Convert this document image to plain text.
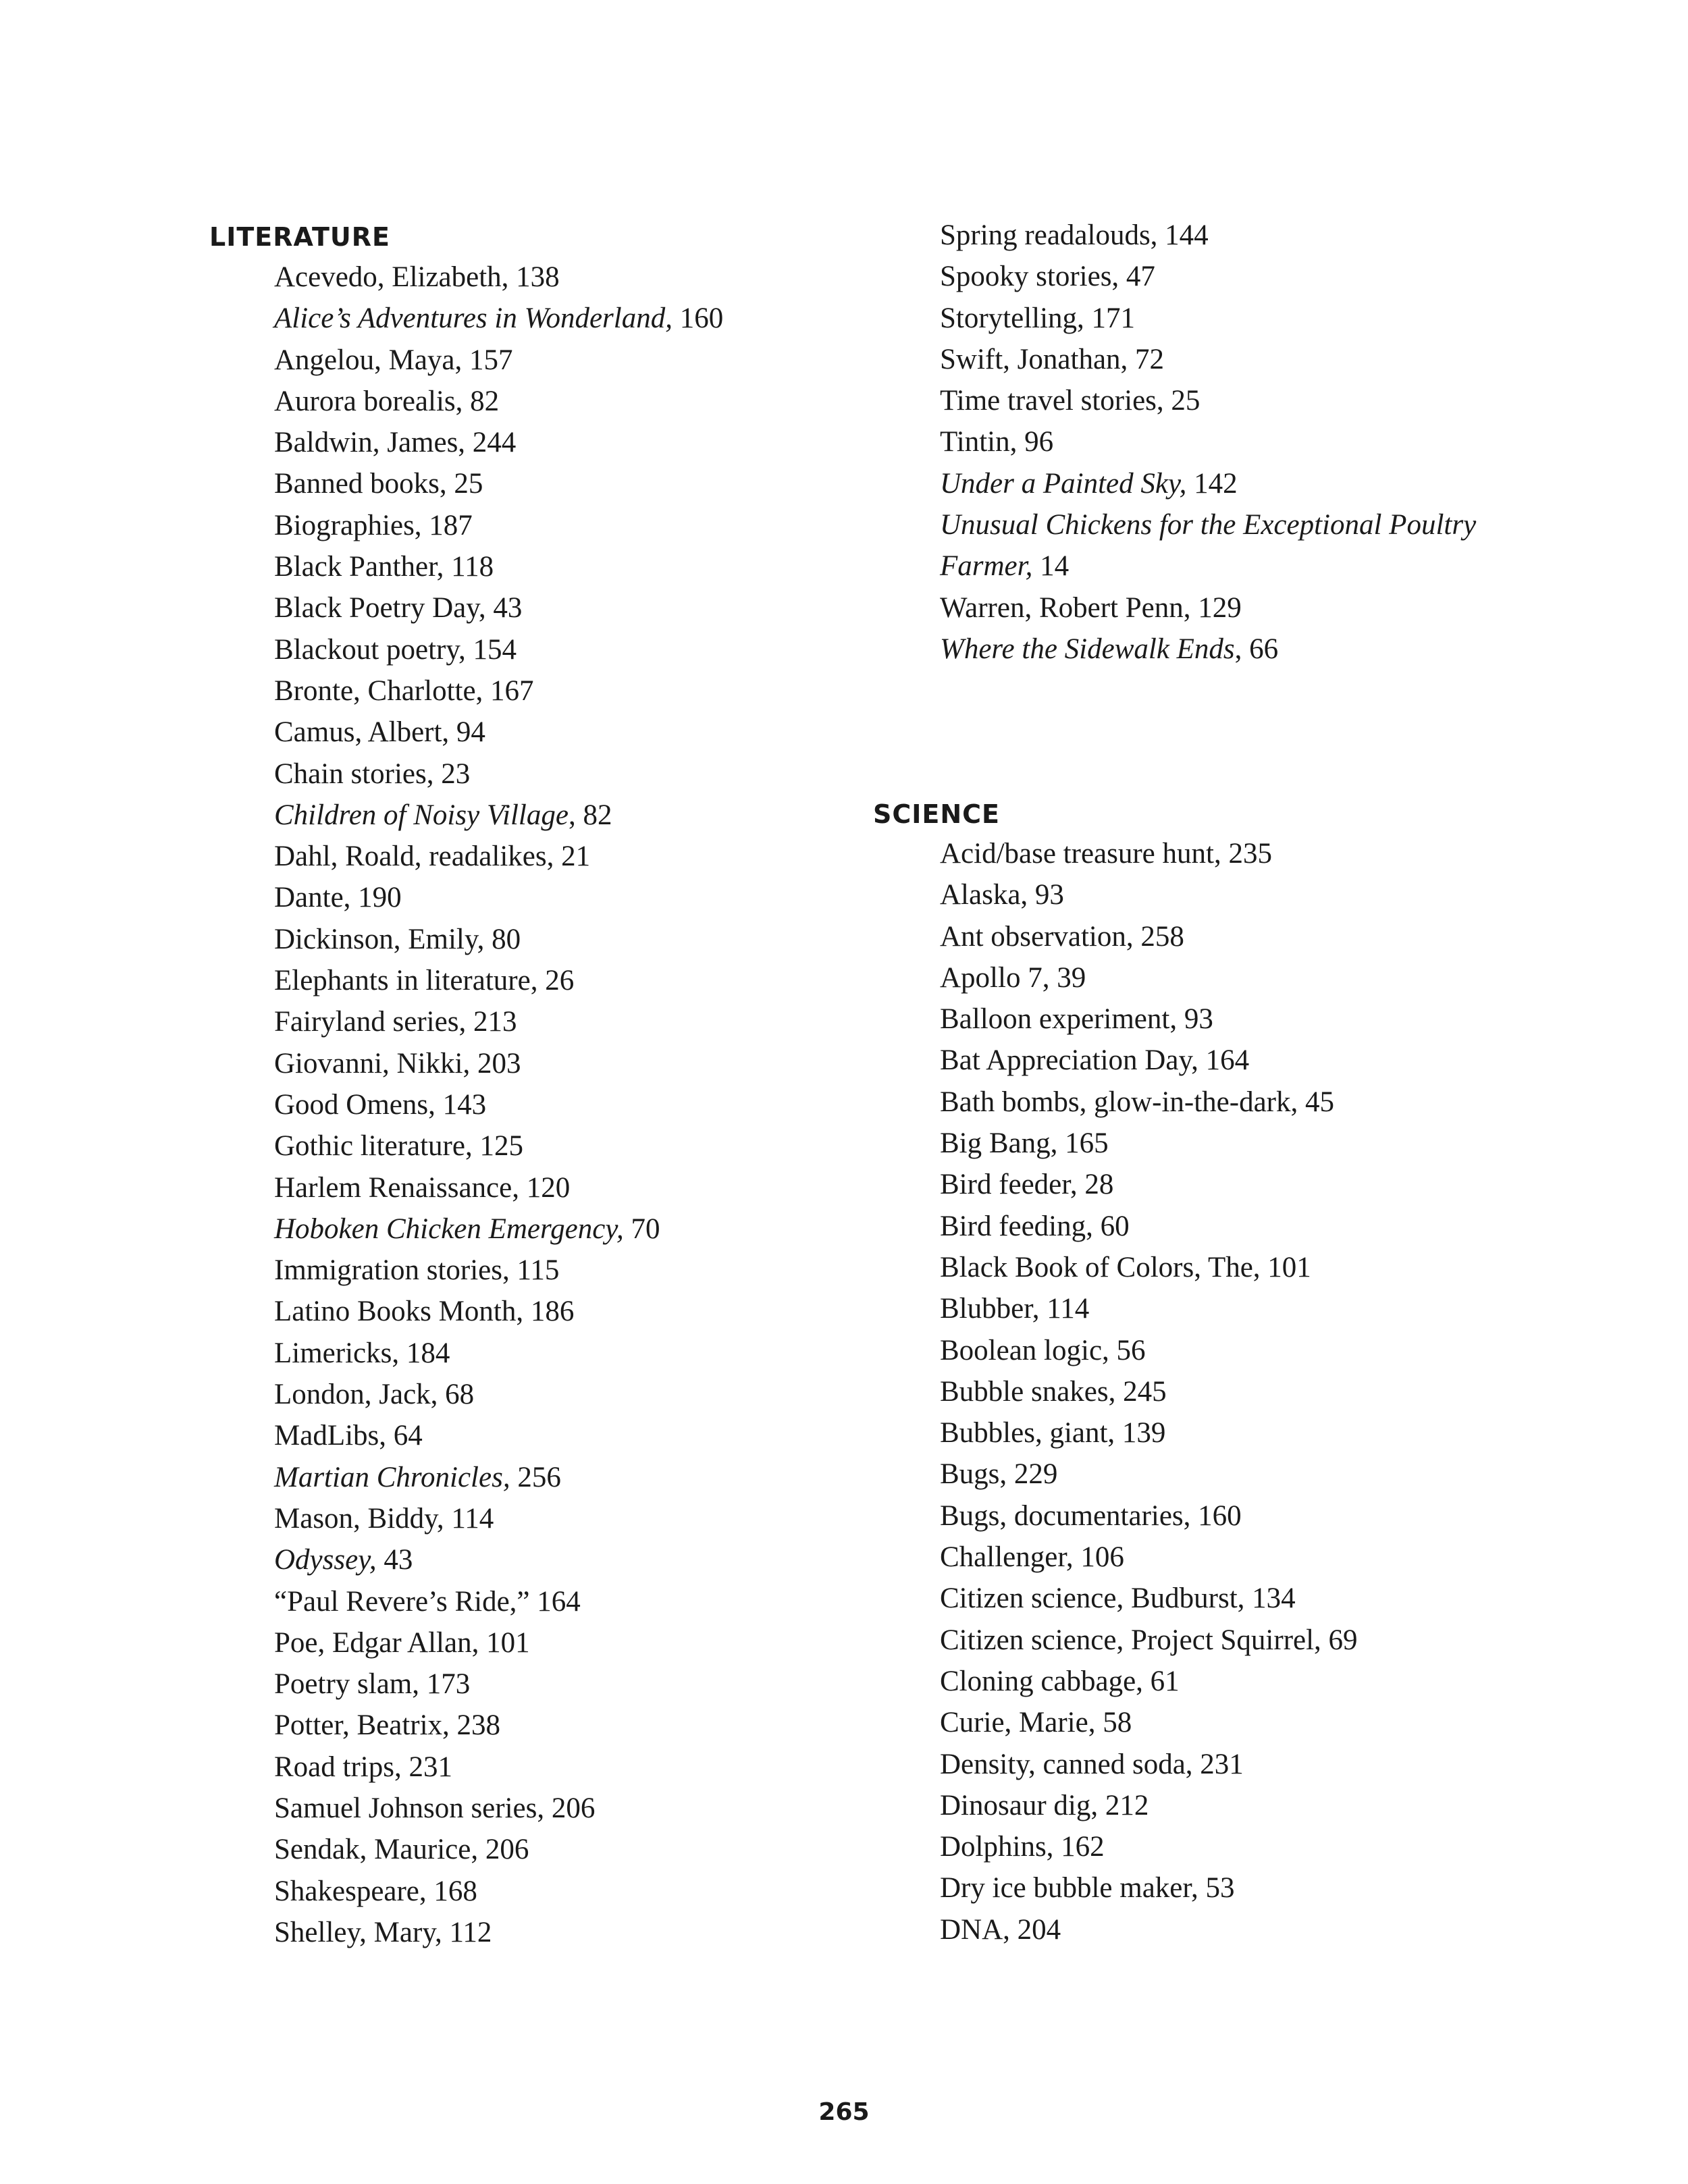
LITERATURE
Acevedo, Elizabeth, 138
Alice’s Adventures in Wonderland, 160
Angelou, Maya, 157
Aurora borealis, 82
Baldwin, James, 244
Banned books, 25
Biographies, 187
Black Panther, 118
Black Poetry Day, 43
Blackout poetry, 154
Bronte, Charlotte, 167
Camus, Albert, 94
Chain stories, 23
Children of Noisy Village, 82
Dahl, Roald, readalikes, 21
Dante, 190
Dickinson, Emily, 80
Elephants in literature, 26
Fairyland series, 213
Giovanni, Nikki, 203
Good Omens, 143
Gothic literature, 125
Harlem Renaissance, 120
Hoboken Chicken Emergency, 70
Immigration stories, 115
Latino Books Month, 186
Limericks, 184
London, Jack, 68
MadLibs, 64
Martian Chronicles, 256
Mason, Biddy, 114
Odyssey, 43
“Paul Revere’s Ride,” 164
Poe, Edgar Allan, 101
Poetry slam, 173
Potter, Beatrix, 238
Road trips, 231
Samuel Johnson series, 206
Sendak, Maurice, 206
Shakespeare, 168
Shelley, Mary, 112
Spring readalouds, 144
Spooky stories, 47
Storytelling, 171
Swift, Jonathan, 72
Time travel stories, 25
Tintin, 96
Under a Painted Sky, 142
Unusual Chickens for the Exceptional Poultry
Farmer, 14
Warren, Robert Penn, 129
Where the Sidewalk Ends, 66
SCIENCE
Acid/base treasure hunt, 235
Alaska, 93
Ant observation, 258
Apollo 7, 39
Balloon experiment, 93
Bat Appreciation Day, 164
Bath bombs, glow-in-the-dark, 45
Big Bang, 165
Bird feeder, 28
Bird feeding, 60
Black Book of Colors, The, 101
Blubber, 114
Boolean logic, 56
Bubble snakes, 245
Bubbles, giant, 139
Bugs, 229
Bugs, documentaries, 160
Challenger, 106
Citizen science, Budburst, 134
Citizen science, Project Squirrel, 69
Cloning cabbage, 61
Curie, Marie, 58
Density, canned soda, 231
Dinosaur dig, 212
Dolphins, 162
Dry ice bubble maker, 53
DNA, 204
265
